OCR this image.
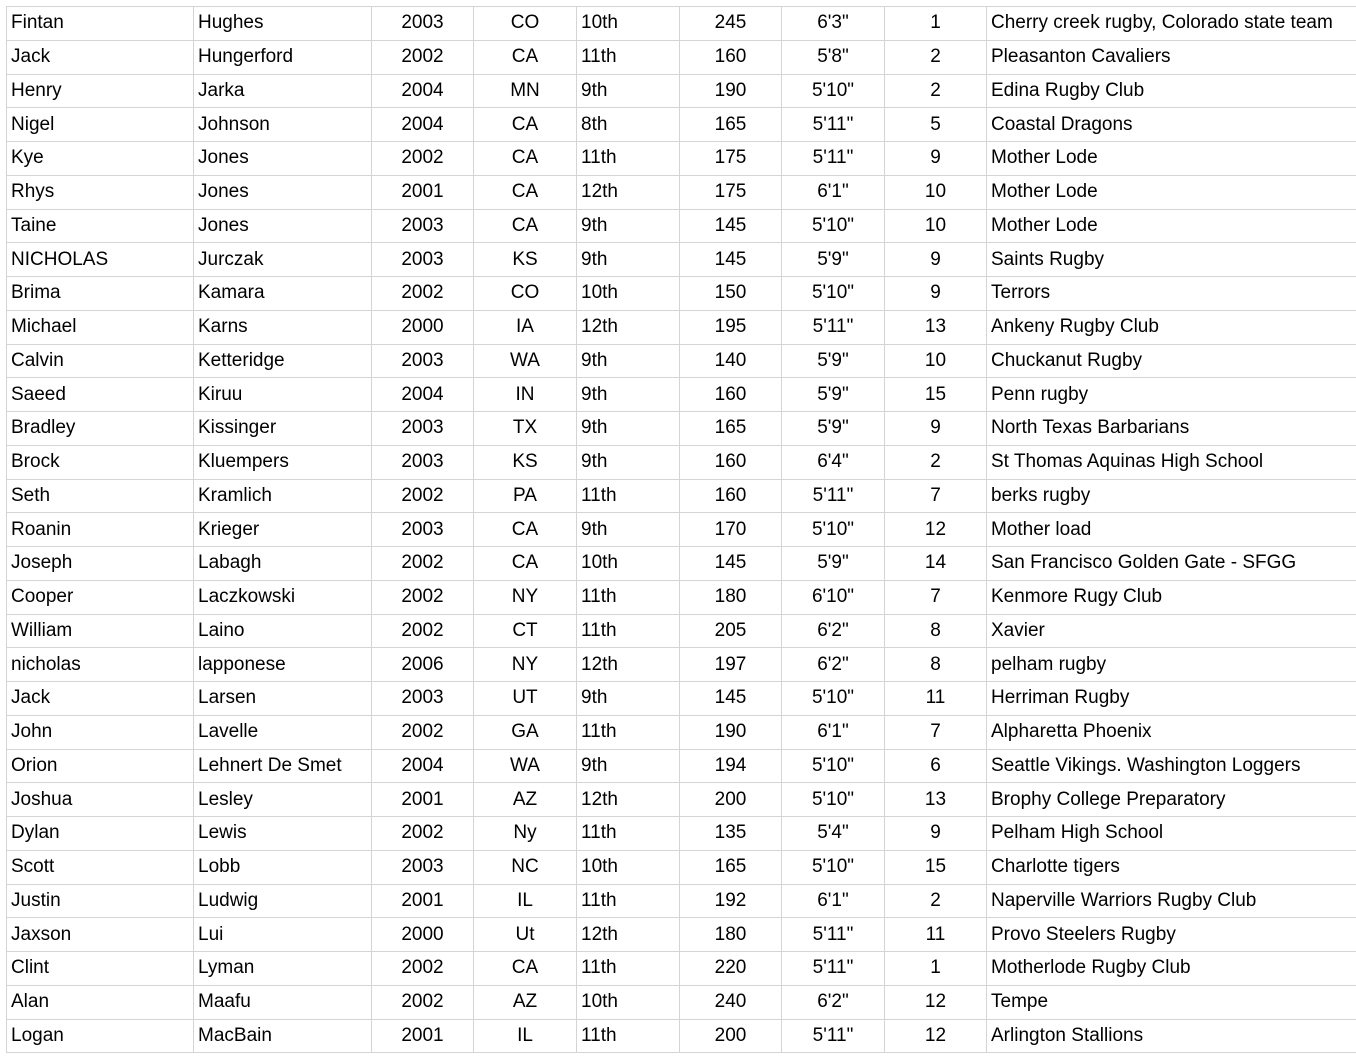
Fintan	Hughes	2003	CO	10th	245	6'3"	1	Cherry creek rugby, Colorado state team
Jack	Hungerford	2002	CA	11th	160	5'8"	2	Pleasanton Cavaliers
Henry	Jarka	2004	MN	9th	190	5'10"	2	Edina Rugby Club
Nigel	Johnson	2004	CA	8th	165	5'11"	5	Coastal Dragons
Kye	Jones	2002	CA	11th	175	5'11"	9	Mother Lode
Rhys	Jones	2001	CA	12th	175	6'1"	10	Mother Lode
Taine	Jones	2003	CA	9th	145	5'10"	10	Mother Lode
NICHOLAS	Jurczak	2003	KS	9th	145	5'9"	9	Saints Rugby
Brima	Kamara	2002	CO	10th	150	5'10"	9	Terrors
Michael	Karns	2000	IA	12th	195	5'11"	13	Ankeny Rugby Club
Calvin	Ketteridge	2003	WA	9th	140	5'9"	10	Chuckanut Rugby
Saeed	Kiruu	2004	IN	9th	160	5'9"	15	Penn rugby
Bradley	Kissinger	2003	TX	9th	165	5'9"	9	North Texas Barbarians
Brock	Kluempers	2003	KS	9th	160	6'4"	2	St Thomas Aquinas High School
Seth	Kramlich	2002	PA	11th	160	5'11"	7	berks rugby
Roanin	Krieger	2003	CA	9th	170	5'10"	12	Mother load
Joseph	Labagh	2002	CA	10th	145	5'9"	14	San Francisco Golden Gate - SFGG
Cooper	Laczkowski	2002	NY	11th	180	6'10"	7	Kenmore Rugy Club
William	Laino	2002	CT	11th	205	6'2"	8	Xavier
nicholas	lapponese	2006	NY	12th	197	6'2"	8	pelham rugby
Jack	Larsen	2003	UT	9th	145	5'10"	11	Herriman Rugby
John	Lavelle	2002	GA	11th	190	6'1"	7	Alpharetta Phoenix
Orion	Lehnert De Smet	2004	WA	9th	194	5'10"	6	Seattle Vikings. Washington Loggers
Joshua	Lesley	2001	AZ	12th	200	5'10"	13	Brophy College Preparatory
Dylan	Lewis	2002	Ny	11th	135	5'4"	9	Pelham High School
Scott	Lobb	2003	NC	10th	165	5'10"	15	Charlotte tigers
Justin	Ludwig	2001	IL	11th	192	6'1"	2	Naperville Warriors Rugby Club
Jaxson	Lui	2000	Ut	12th	180	5'11"	11	Provo Steelers Rugby
Clint	Lyman	2002	CA	11th	220	5'11"	1	Motherlode Rugby Club
Alan	Maafu	2002	AZ	10th	240	6'2"	12	Tempe
Logan	MacBain	2001	IL	11th	200	5'11"	12	Arlington Stallions
